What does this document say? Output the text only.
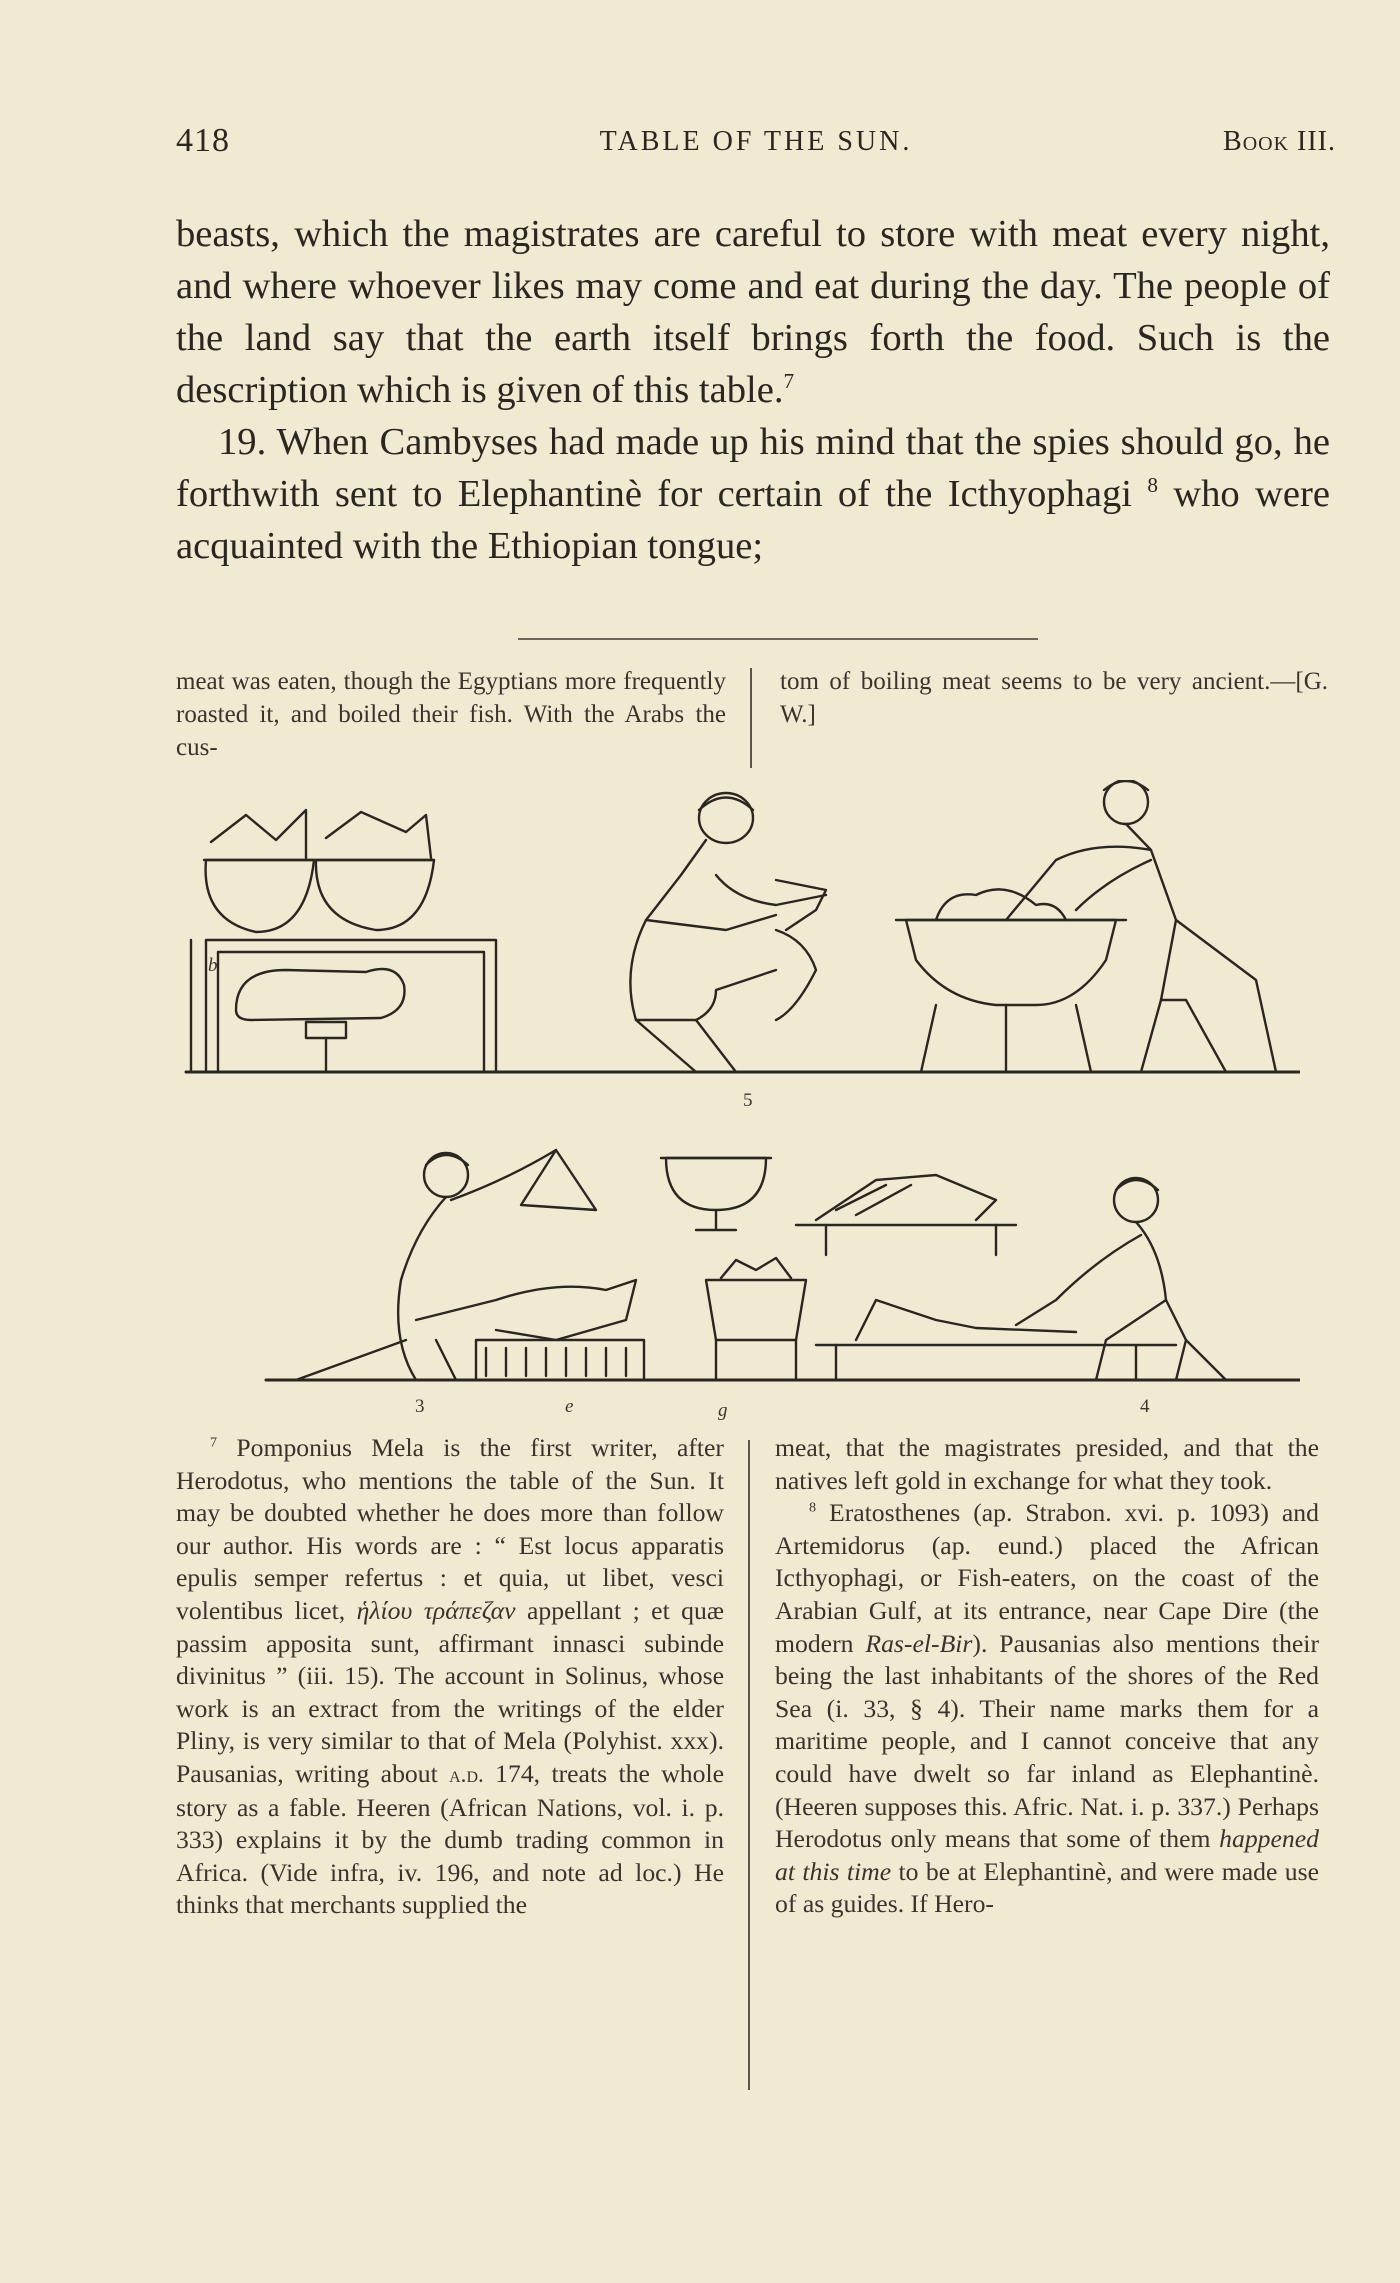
418	TABLE OF THE SUN.	Book III.

beasts, which the magistrates are careful to store with meat every night, and where whoever likes may come and eat during the day. The people of the land say that the earth itself brings forth the food. Such is the description which is given of this table.$^7$

19. When Cambyses had made up his mind that the spies should go, he forthwith sent to Elephantinè for certain of the Icthyophagi $^8$ who were acquainted with the Ethiopian tongue;

meat was eaten, though the Egyptians more frequently roasted it, and boiled their fish. With the Arabs the cus-
tom of boiling meat seems to be very ancient.—[G. W.]
b
5
3	e	g	4

$^7$ Pomponius Mela is the first writer, after Herodotus, who mentions the table of the Sun. It may be doubted whether he does more than follow our author. His words are : “ Est locus apparatis epulis semper refertus : et quia, ut libet, vesci volentibus licet, ἡλίου τράπεζαν appellant ; et quæ passim apposita sunt, affirmant innasci subinde divinitus ” (iii. 15). The account in Solinus, whose work is an extract from the writings of the elder Pliny, is very similar to that of Mela (Polyhist. xxx). Pausanias, writing about a.d. 174, treats the whole story as a fable. Heeren (African Nations, vol. i. p. 333) explains it by the dumb trading common in Africa. (Vide infra, iv. 196, and note ad loc.) He thinks that merchants supplied the

meat, that the magistrates presided, and that the natives left gold in exchange for what they took.

$^8$ Eratosthenes (ap. Strabon. xvi. p. 1093) and Artemidorus (ap. eund.) placed the African Icthyophagi, or Fish-eaters, on the coast of the Arabian Gulf, at its entrance, near Cape Dire (the modern Ras-el-Bir). Pausanias also mentions their being the last inhabitants of the shores of the Red Sea (i. 33, § 4). Their name marks them for a maritime people, and I cannot conceive that any could have dwelt so far inland as Elephantinè. (Heeren supposes this. Afric. Nat. i. p. 337.) Perhaps Herodotus only means that some of them happened at this time to be at Elephantinè, and were made use of as guides. If Hero-
